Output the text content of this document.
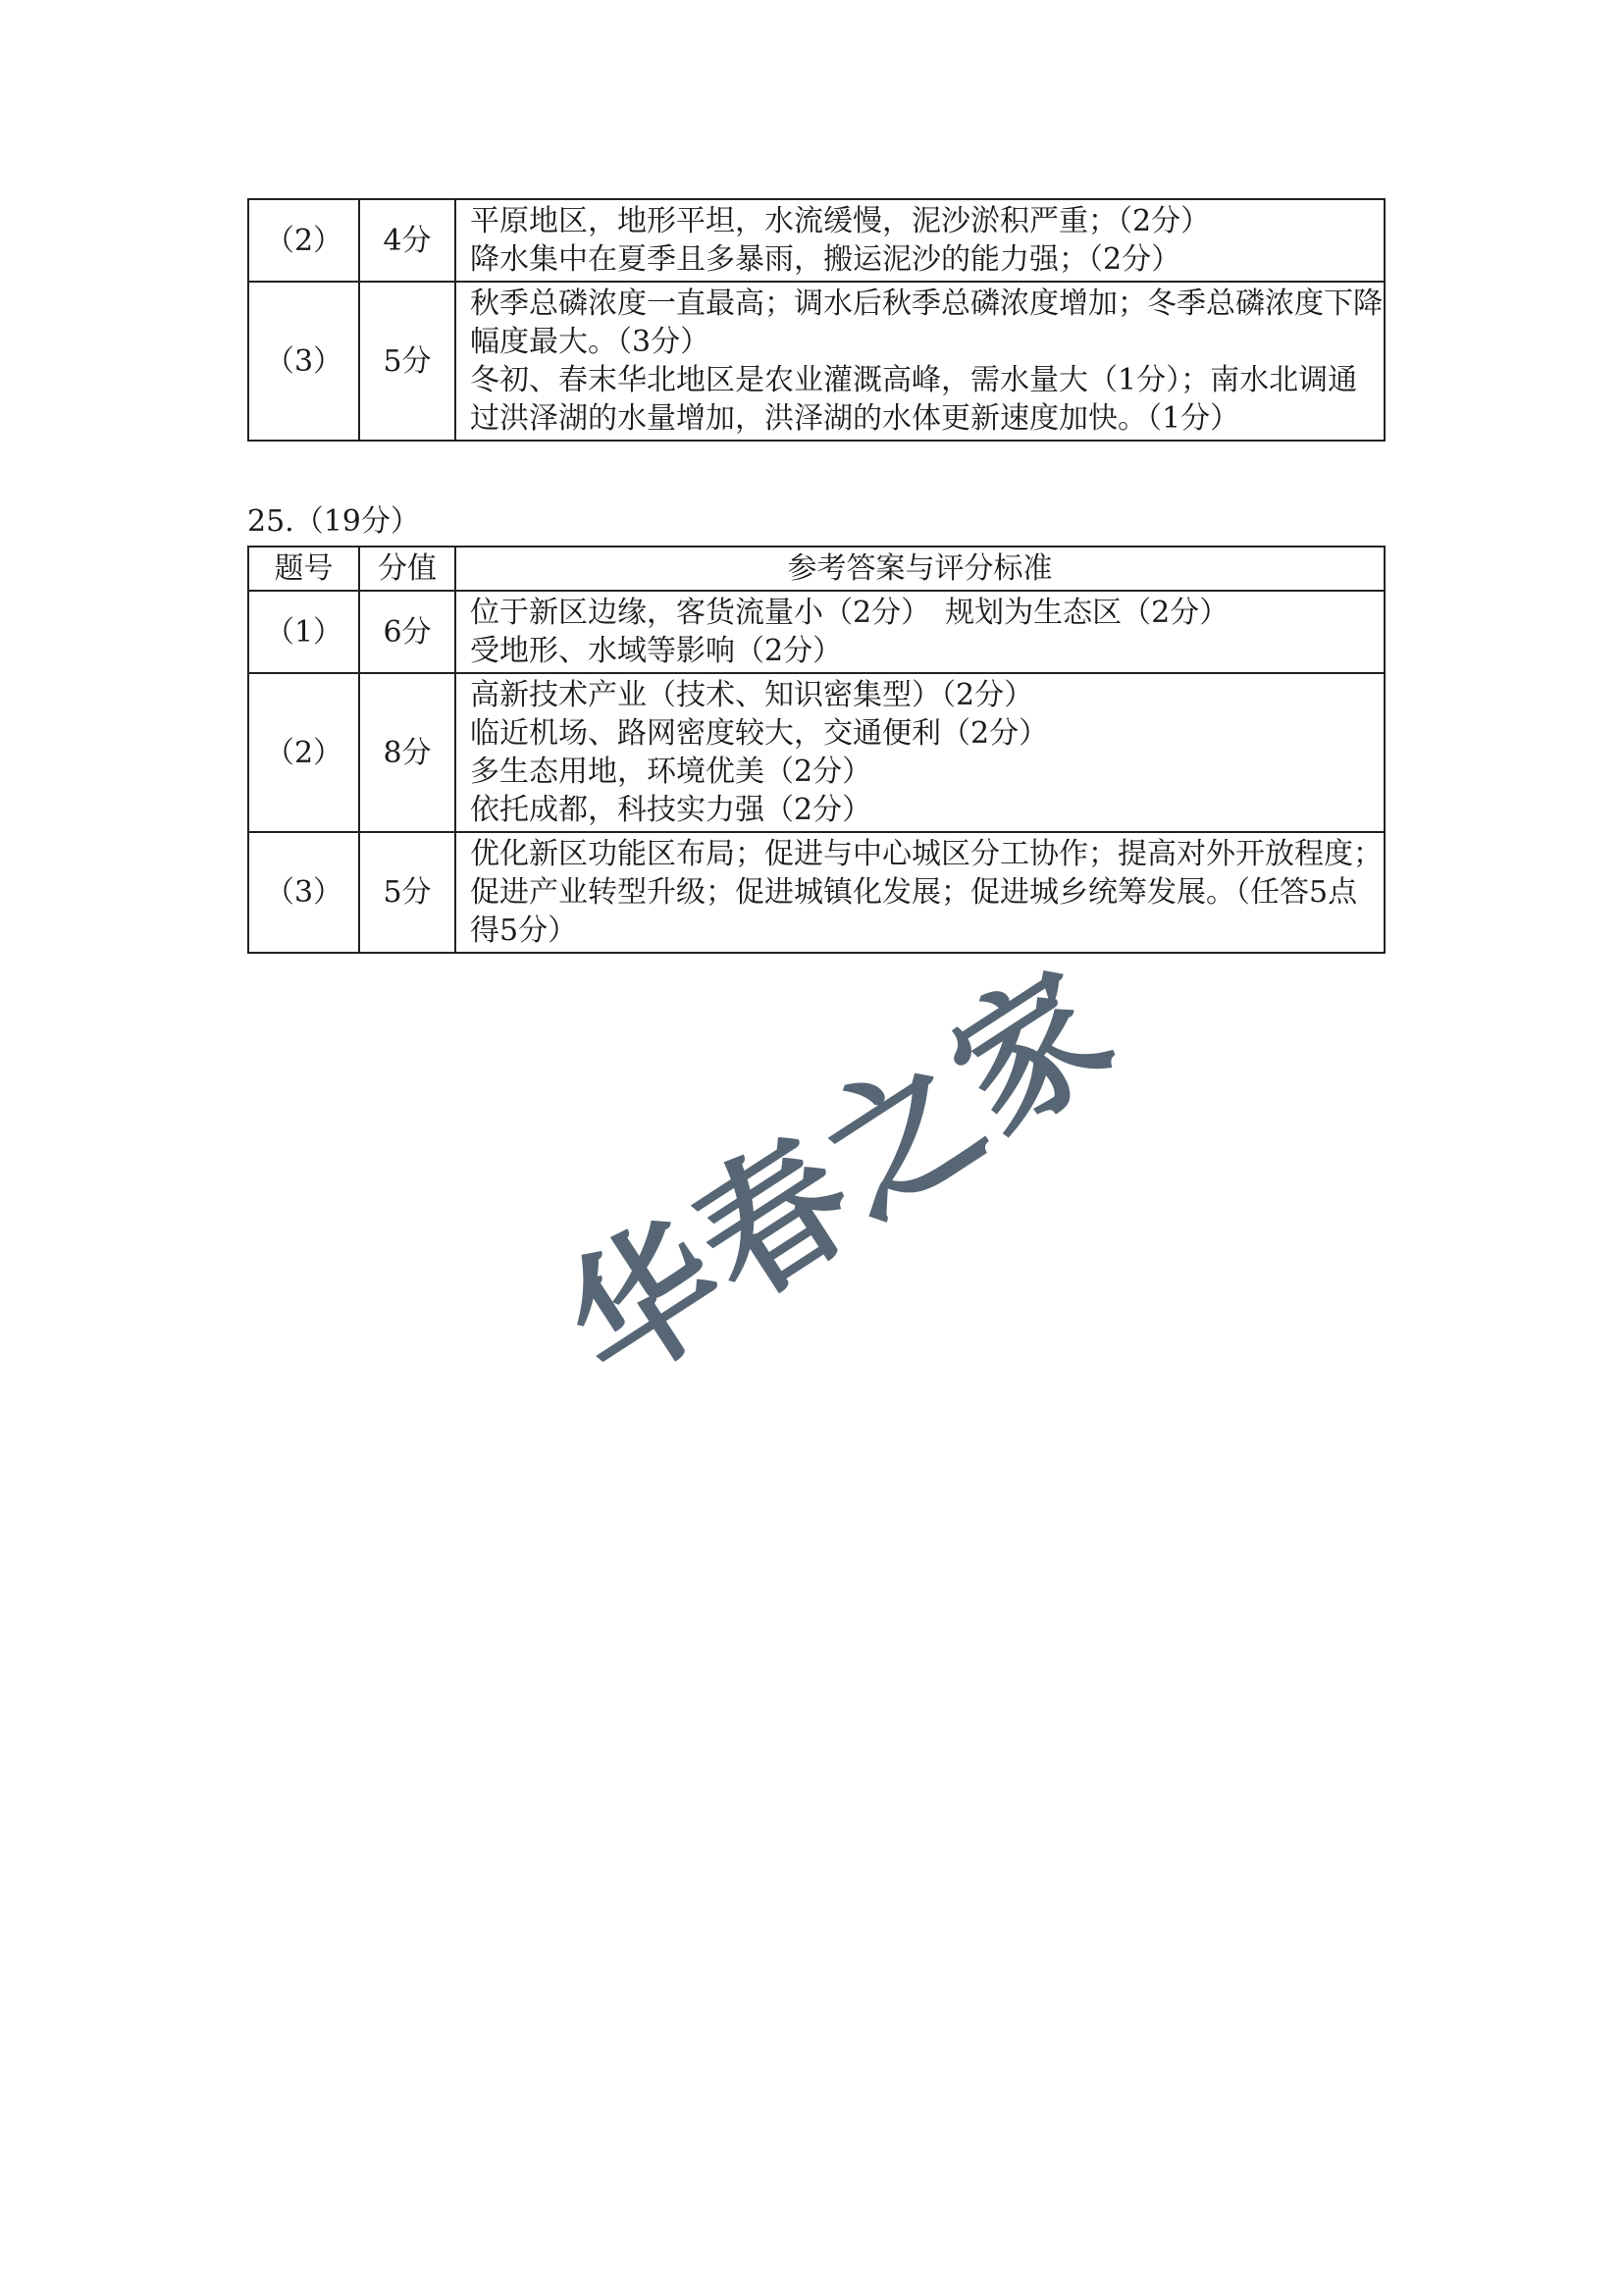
（2）	4分	平原地区，地形平坦，水流缓慢，泥沙淤积严重；（2分）
降水集中在夏季且多暴雨，搬运泥沙的能力强；（2分）

（3）	5分	秋季总磷浓度一直最高；调水后秋季总磷浓度增加；冬季总磷浓度下降
幅度最大。（3分）
冬初、春末华北地区是农业灌溉高峰，需水量大（1分）；南水北调通
过洪泽湖的水量增加，洪泽湖的水体更新速度加快。（1分）

25.（19分）

题号	分值	参考答案与评分标准
（1）	6分	位于新区边缘，客货流量小（2分）　规划为生态区（2分）
受地形、水域等影响（2分）

（2）	8分	高新技术产业（技术、知识密集型）（2分）
临近机场、路网密度较大，交通便利（2分）
多生态用地，环境优美（2分）
依托成都，科技实力强（2分）

（3）	5分	优化新区功能区布局；促进与中心城区分工协作；提高对外开放程度；
促进产业转型升级；促进城镇化发展；促进城乡统筹发展。（任答5点
得5分）
华春之家
